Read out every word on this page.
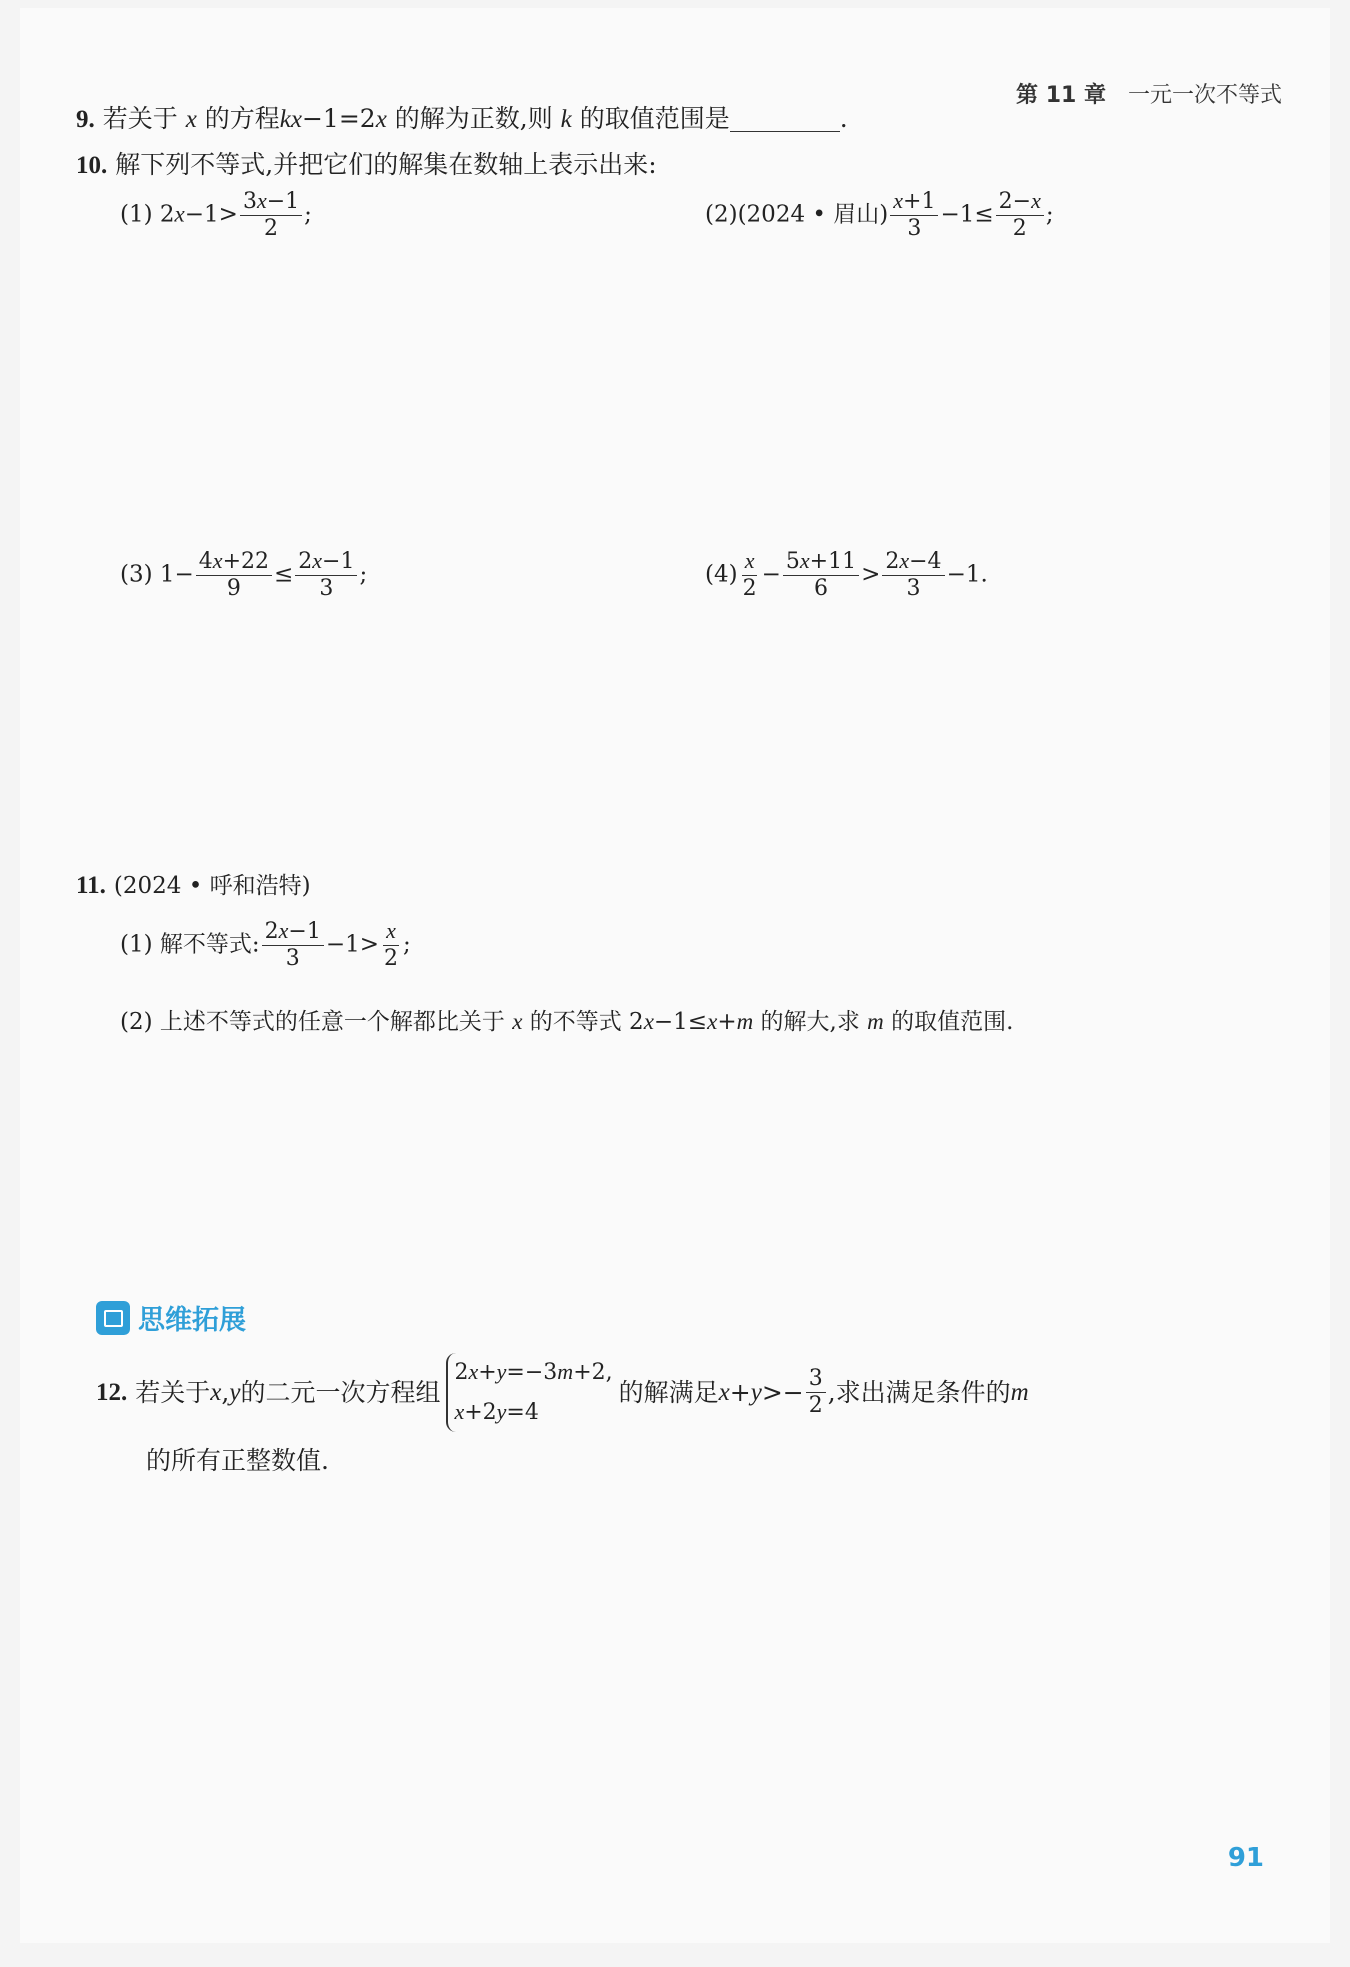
第 11 章 一元一次不等式
9. 若关于 x 的方程kx−1=2x 的解为正数,则 k 的取值范围是	.
10. 解下列不等式,并把它们的解集在数轴上表示出来:
(1) $2x-1> \frac{3x-1}{2}$ ;	(2)(2024 • 眉山) $\frac{x+1}{3} -1\le \frac{2-x}{2}$ ;
(3) $1- \frac{4x+22}{9} \le \frac{2x-1}{3}$ ;	$(4) \frac{x}{2} - \frac{5x+11}{6} > \frac{2x-4}{3} -1$.
11. (2024 • 呼和浩特)
(1) 解不等式: $\frac{2x-1}{3} -1> \frac{x}{2}$ ;
(2) 上述不等式的任意一个解都比关于 x 的不等式 2x−1≤x+m 的解大,求 m 的取值范围.
思维拓展
12. 若关于 x , y 的二元一次方程组
2x+y=−3m+2,
x+2y=4
的解满足 $x + y >- \frac{3}{2}$ ,求出满足条件的 m
的所有正整数值.
91
